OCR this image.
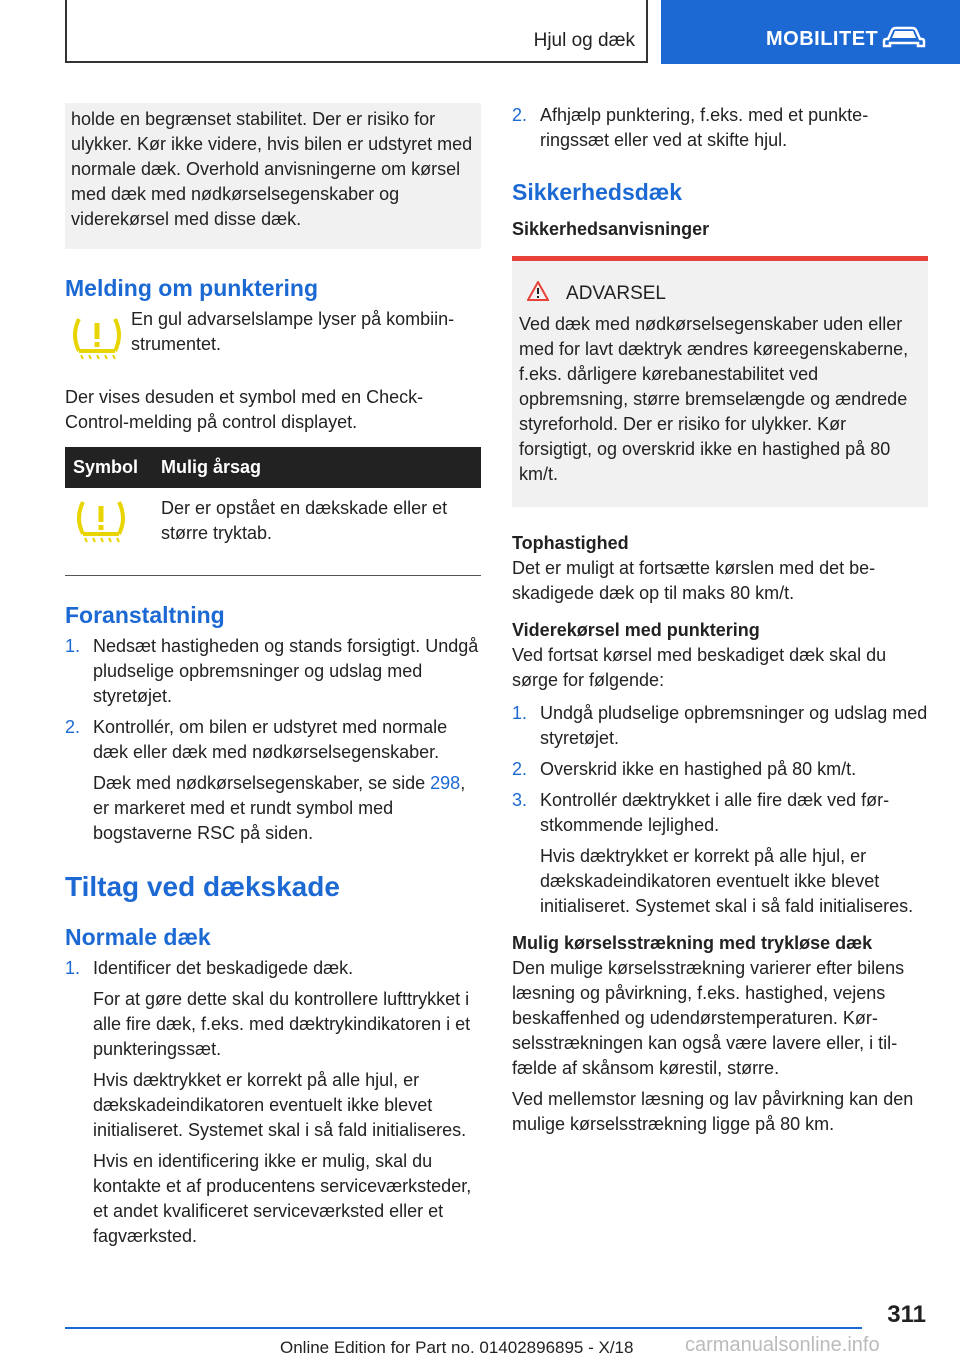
Hjul og dæk	MOBILITET

holde en begrænset stabilitet. Der er risiko for ulykker. Kør ikke videre, hvis bilen er udstyret med normale dæk. Overhold anvisningerne om kørsel med dæk med nødkørselsegenskaber og viderekørsel med disse dæk.

Melding om punktering

En gul advarselslampe lyser på kombiinstrumentet.

Der vises desuden et symbol med en Check-Control-melding på control displayet.

Symbol	Mulig årsag
	Der er opstået en dækskade eller et større tryktab.
Foranstaltning
1. Nedsæt hastigheden og stands forsigtigt. Undgå pludselige opbremsninger og udslag med styretøjet.

2. Kontrollér, om bilen er udstyret med normale dæk eller dæk med nødkørselsegenskaber.

Dæk med nødkørselsegenskaber, se side 298, er markeret med et rundt symbol med bogstaverne RSC på siden.

Tiltag ved dækskade
Normale dæk
1. Identificer det beskadigede dæk.

For at gøre dette skal du kontrollere lufttrykket i alle fire dæk, f.eks. med dæktrykindikatoren i et punkteringssæt.

Hvis dæktrykket er korrekt på alle hjul, er dækskadeindikatoren eventuelt ikke blevet initialiseret. Systemet skal i så fald initialiseres.

Hvis en identificering ikke er mulig, skal du kontakte et af producentens serviceværksteder, et andet kvalificeret serviceværksted eller et fagværksted.

2. Afhjælp punktering, f.eks. med et punkteringssæt eller ved at skifte hjul.

Sikkerhedsdæk

Sikkerhedsanvisninger

ADVARSEL

Ved dæk med nødkørselsegenskaber uden eller med for lavt dæktryk ændres køreegenskaberne, f.eks. dårligere kørebanestabilitet ved opbremsning, større bremselængde og ændrede styreforhold. Der er risiko for ulykker. Kør forsigtigt, og overskrid ikke en hastighed på 80 km/t.

Tophastighed

Det er muligt at fortsætte kørslen med det beskadigede dæk op til maks 80 km/t.

Viderekørsel med punktering

Ved fortsat kørsel med beskadiget dæk skal du sørge for følgende:

1. Undgå pludselige opbremsninger og udslag med styretøjet.

2. Overskrid ikke en hastighed på 80 km/t.

3. Kontrollér dæktrykket i alle fire dæk ved førstkommende lejlighed.

Hvis dæktrykket er korrekt på alle hjul, er dækskadeindikatoren eventuelt ikke blevet initialiseret. Systemet skal i så fald initialiseres.

Mulig kørselsstrækning med trykløse dæk

Den mulige kørselsstrækning varierer efter bilens læsning og påvirkning, f.eks. hastighed, vejens beskaffenhed og udendørstemperaturen. Kørselsstrækningen kan også være lavere eller, i tilfælde af skånsom kørestil, større.

Ved mellemstor læsning og lav påvirkning kan den mulige kørselsstrækning ligge på 80 km.

311
Online Edition for Part no. 01402896895 - X/18	carmanualsonline.info
